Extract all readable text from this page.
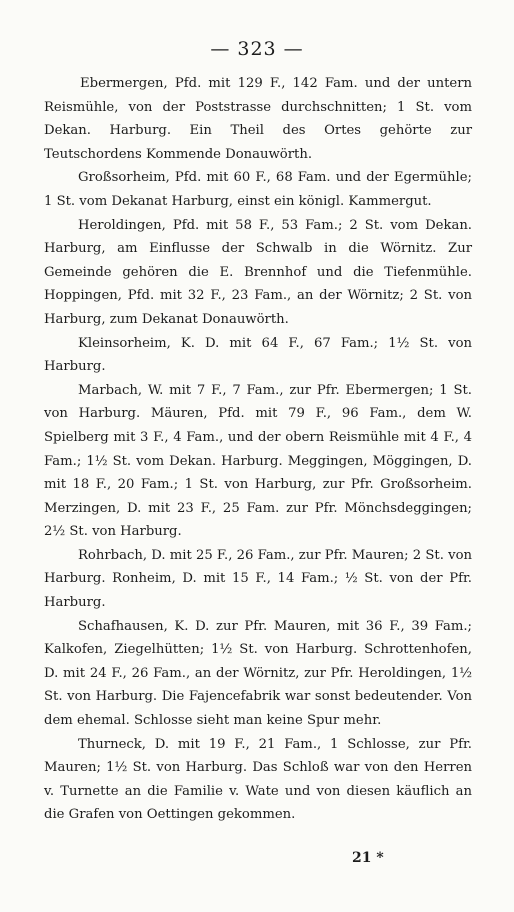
— 323 —

Ebermergen, Pfd. mit 129 F., 142 Fam. und der untern Reismühle, von der Poststrasse durchschnitten; 1 St. vom Dekan. Harburg. Ein Theil des Ortes gehörte zur Teutschordens Kommende Donauwörth.

Großsorheim, Pfd. mit 60 F., 68 Fam. und der Egermühle; 1 St. vom Dekanat Harburg, einst ein königl. Kammergut.

Heroldingen, Pfd. mit 58 F., 53 Fam.; 2 St. vom Dekan. Harburg, am Einflusse der Schwalb in die Wörnitz. Zur Gemeinde gehören die E. Brennhof und die Tiefenmühle. Hoppingen, Pfd. mit 32 F., 23 Fam., an der Wörnitz; 2 St. von Harburg, zum Dekanat Donauwörth.

Kleinsorheim, K. D. mit 64 F., 67 Fam.; 1½ St. von Harburg.

Marbach, W. mit 7 F., 7 Fam., zur Pfr. Ebermergen; 1 St. von Harburg. Mäuren, Pfd. mit 79 F., 96 Fam., dem W. Spielberg mit 3 F., 4 Fam., und der obern Reismühle mit 4 F., 4 Fam.; 1½ St. vom Dekan. Harburg. Meggingen, Möggingen, D. mit 18 F., 20 Fam.; 1 St. von Harburg, zur Pfr. Großsorheim. Merzingen, D. mit 23 F., 25 Fam. zur Pfr. Mönchsdeggingen; 2½ St. von Harburg.

Rohrbach, D. mit 25 F., 26 Fam., zur Pfr. Mauren; 2 St. von Harburg. Ronheim, D. mit 15 F., 14 Fam.; ½ St. von der Pfr. Harburg.

Schafhausen, K. D. zur Pfr. Mauren, mit 36 F., 39 Fam.; Kalkofen, Ziegelhütten; 1½ St. von Harburg. Schrottenhofen, D. mit 24 F., 26 Fam., an der Wörnitz, zur Pfr. Heroldingen, 1½ St. von Harburg. Die Fajencefabrik war sonst bedeutender. Von dem ehemal. Schlosse sieht man keine Spur mehr.

Thurneck, D. mit 19 F., 21 Fam., 1 Schlosse, zur Pfr. Mauren; 1½ St. von Harburg. Das Schloß war von den Herren v. Turnette an die Familie v. Wate und von diesen käuflich an die Grafen von Oettingen gekommen.

21 *
